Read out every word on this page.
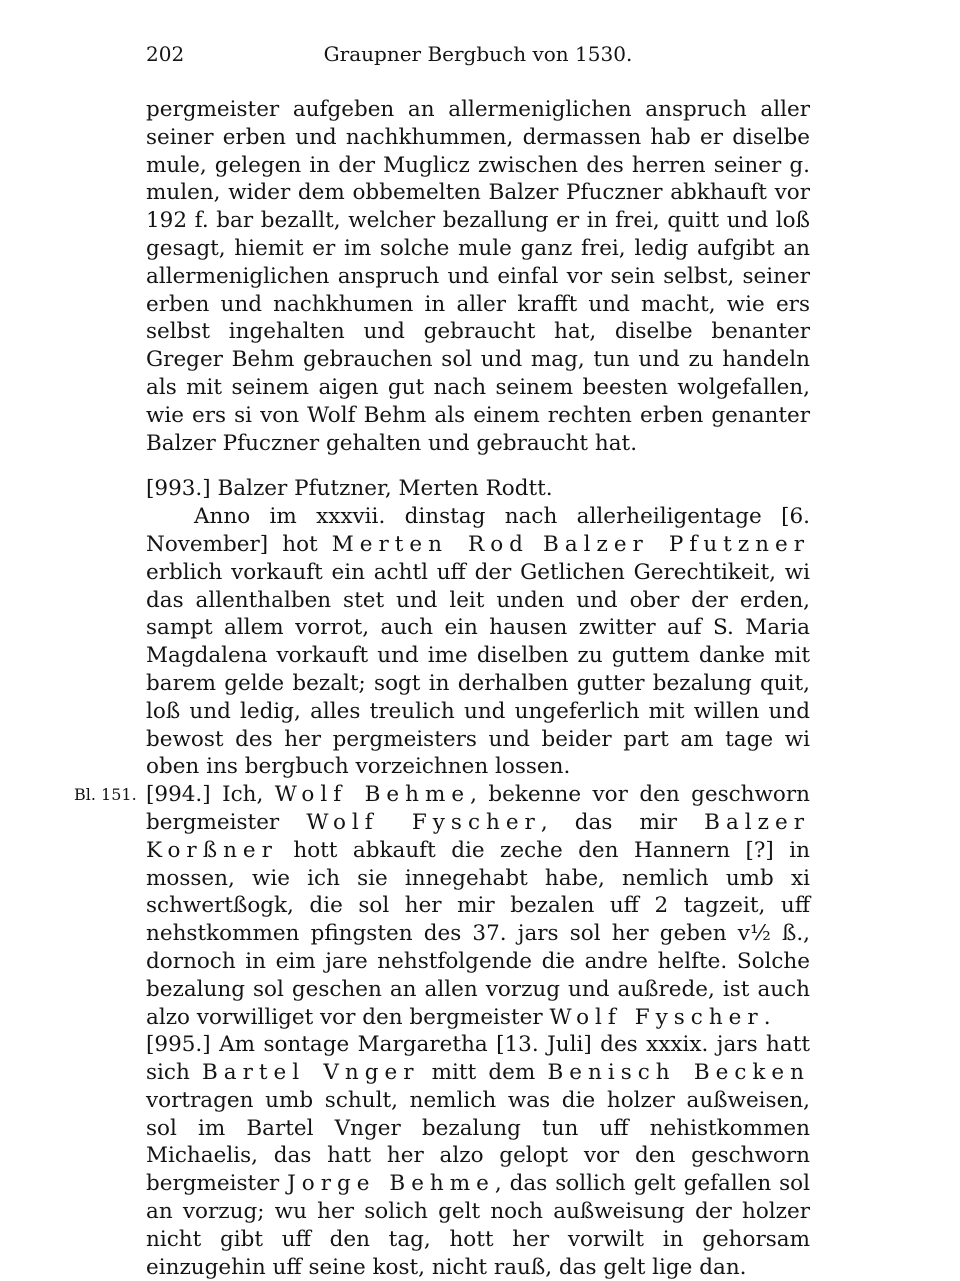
202	Graupner Bergbuch von 1530.

pergmeister aufgeben an allermeniglichen anspruch aller seiner erben und nachkhummen, dermassen hab er diselbe mule, gelegen in der Muglicz zwischen des herren seiner g. mulen, wider dem obbemelten Balzer Pfuczner abkhauft vor 192 f. bar bezallt, welcher bezallung er in frei, quitt und loß gesagt, hiemit er im solche mule ganz frei, ledig aufgibt an allermeniglichen anspruch und einfal vor sein selbst, seiner erben und nachkhumen in aller krafft und macht, wie ers selbst ingehalten und gebraucht hat, diselbe benanter Greger Behm gebrauchen sol und mag, tun und zu handeln als mit seinem aigen gut nach seinem beesten wolgefallen, wie ers si von Wolf Behm als einem rechten erben genanter Balzer Pfuczner gehalten und gebraucht hat.

[993.] Balzer Pfutzner, Merten Rodtt.

Anno im xxxvii. dinstag nach allerheiligentage [6. November] hot Merten Rod Balzer Pfutzner erblich vorkauft ein achtl uff der Getlichen Gerechtikeit, wi das allenthalben stet und leit unden und ober der erden, sampt allem vorrot, auch ein hausen zwitter auf S. Maria Magdalena vorkauft und ime diselben zu guttem danke mit barem gelde bezalt; sogt in derhalben gutter bezalung quit, loß und ledig, alles treulich und ungeferlich mit willen und bewost des her pergmeisters und beider part am tage wi oben ins bergbuch vorzeichnen lossen.

Bl. 151. [994.] Ich, Wolf Behme, bekenne vor den geschworn bergmeister Wolf Fyscher, das mir Balzer Korßner hott abkauft die zeche den Hannern [?] in mossen, wie ich sie innegehabt habe, nemlich umb xi schwertßogk, die sol her mir bezalen uff 2 tagzeit, uff nehstkommen pfingsten des 37. jars sol her geben v½ ß., dornoch in eim jare nehstfolgende die andre helfte. Solche bezalung sol geschen an allen vorzug und außrede, ist auch alzo vorwilliget vor den bergmeister Wolf Fyscher.

[995.] Am sontage Margaretha [13. Juli] des xxxix. jars hatt sich Bartel Vnger mitt dem Benisch Becken vortragen umb schult, nemlich was die holzer außweisen, sol im Bartel Vnger bezalung tun uff nehistkommen Michaelis, das hatt her alzo gelopt vor den geschworn bergmeister Jorge Behme, das sollich gelt gefallen sol an vorzug; wu her solich gelt noch außweisung der holzer nicht gibt uff den tag, hott her vorwilt in gehorsam einzugehin uff seine kost, nicht rauß, das gelt lige dan.
